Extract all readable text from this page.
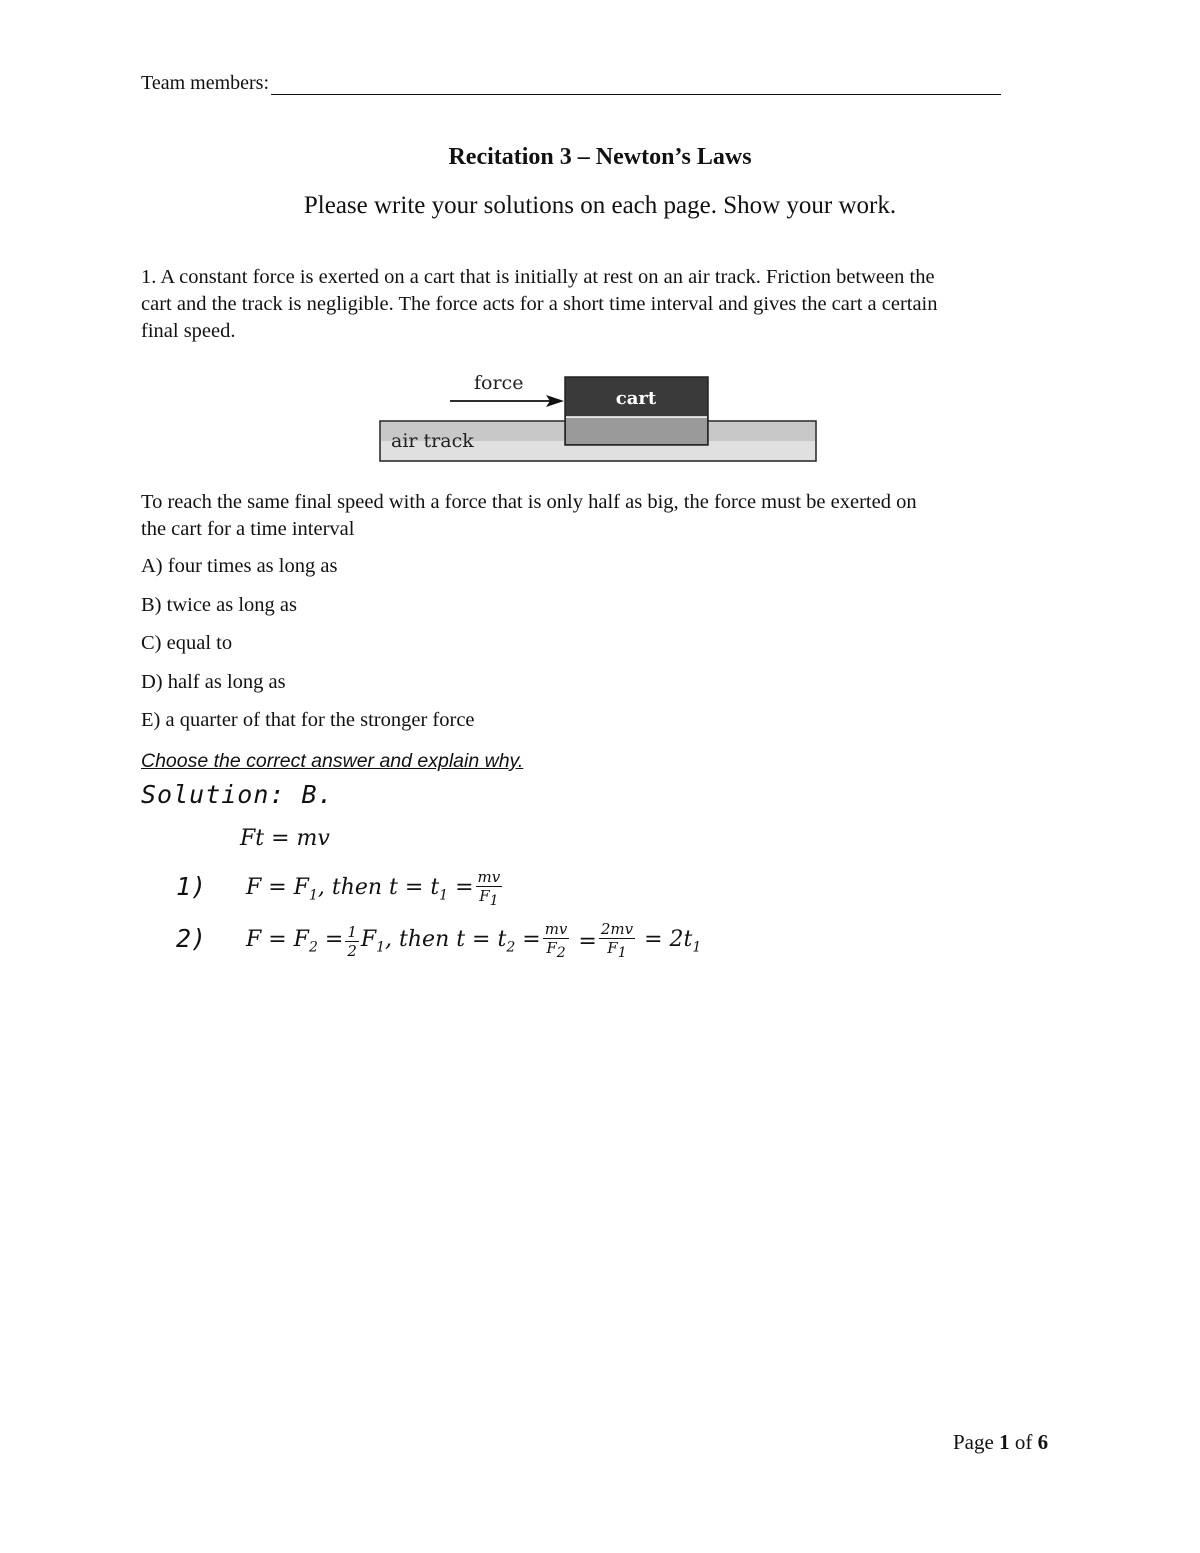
Team members:
Recitation 3 – Newton’s Laws
Please write your solutions on each page. Show your work.
1. A constant force is exerted on a cart that is initially at rest on an air track. Friction between the
cart and the track is negligible. The force acts for a short time interval and gives the cart a certain
final speed.
force
cart
air track
To reach the same final speed with a force that is only half as big, the force must be exerted on
the cart for a time interval
A) four times as long as
B) twice as long as
C) equal to
D) half as long as
E) a quarter of that for the stronger force
Choose the correct answer and explain why.
Solution: B.
Ft = mv
1) $F = F_1$, then $t = t_1 = \frac{mv}{F_1}$
2) $F = F_2 = \frac{1}{2} F_1$, then $t = t_2 = \frac{mv}{F_2} = \frac{2mv}{F_1} = 2t_1$
Page 1 of 6
